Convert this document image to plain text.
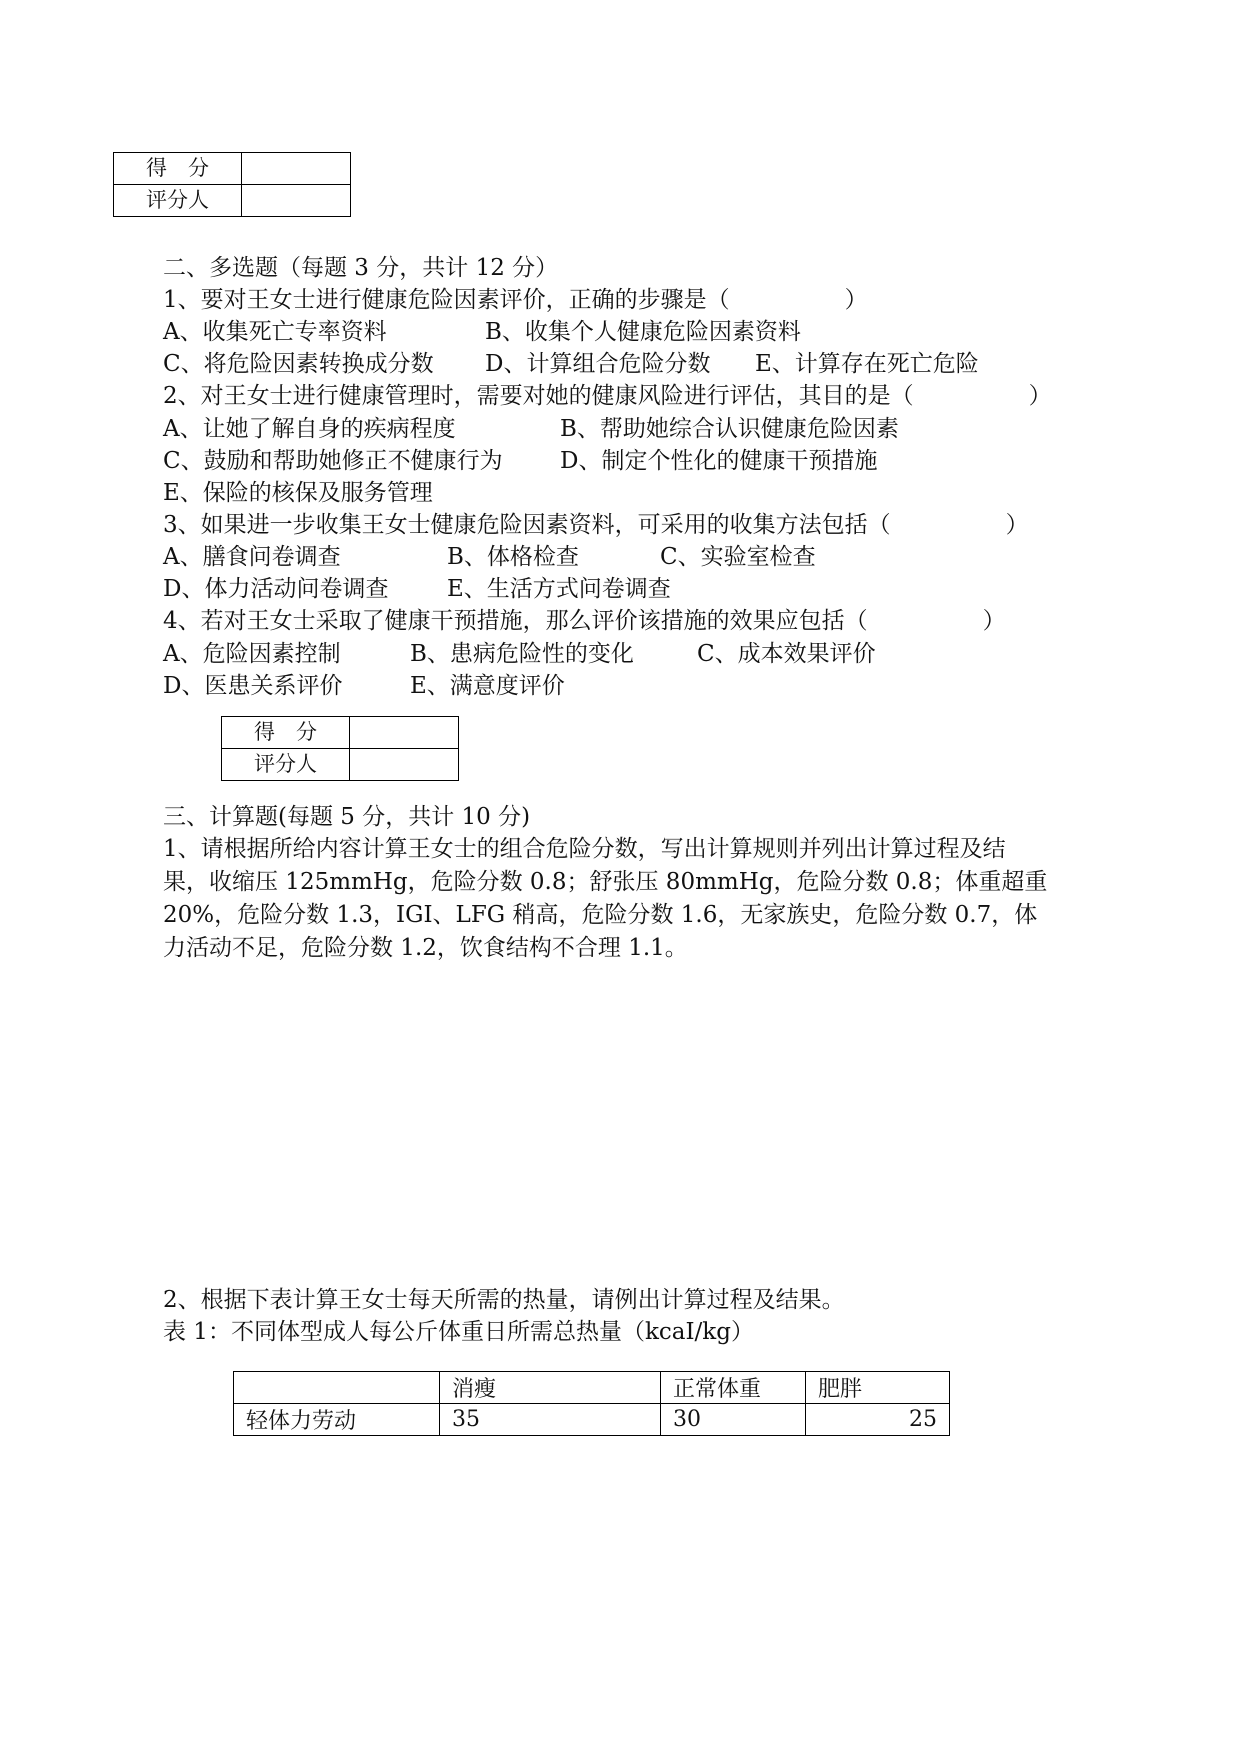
得　分	
评分人	
二、多选题（每题 3 分，共计 12 分）
1、要对王女士进行健康危险因素评价，正确的步骤是（　　　　　）
A、收集死亡专率资料	B、收集个人健康危险因素资料
C、将危险因素转换成分数 D、计算组合危险分数 E、计算存在死亡危险
2、对王女士进行健康管理时，需要对她的健康风险进行评估，其目的是（　　　　　）
A、让她了解自身的疾病程度	B、帮助她综合认识健康危险因素
C、鼓励和帮助她修正不健康行为 D、制定个性化的健康干预措施
E、保险的核保及服务管理
3、如果进一步收集王女士健康危险因素资料，可采用的收集方法包括（　　　　　）
A、膳食问卷调查	B、体格检查	C、实验室检查
D、体力活动问卷调查	E、生活方式问卷调查
4、若对王女士采取了健康干预措施，那么评价该措施的效果应包括（　　　　　）
A、危险因素控制	B、患病危险性的变化	C、成本效果评价
D、医患关系评价	E、满意度评价
得　分	
评分人	
三、计算题(每题 5 分，共计 10 分)
1、请根据所给内容计算王女士的组合危险分数，写出计算规则并列出计算过程及结
果，收缩压 125mmHg，危险分数 0.8；舒张压 80mmHg，危险分数 0.8；体重超重
20%，危险分数 1.3，IGI、LFG 稍高，危险分数 1.6，无家族史，危险分数 0.7，体
力活动不足，危险分数 1.2，饮食结构不合理 1.1。
2、根据下表计算王女士每天所需的热量，请例出计算过程及结果。
表 1：不同体型成人每公斤体重日所需总热量（kcaI/kg）
	消瘦	正常体重	肥胖
轻体力劳动	35	30	25
